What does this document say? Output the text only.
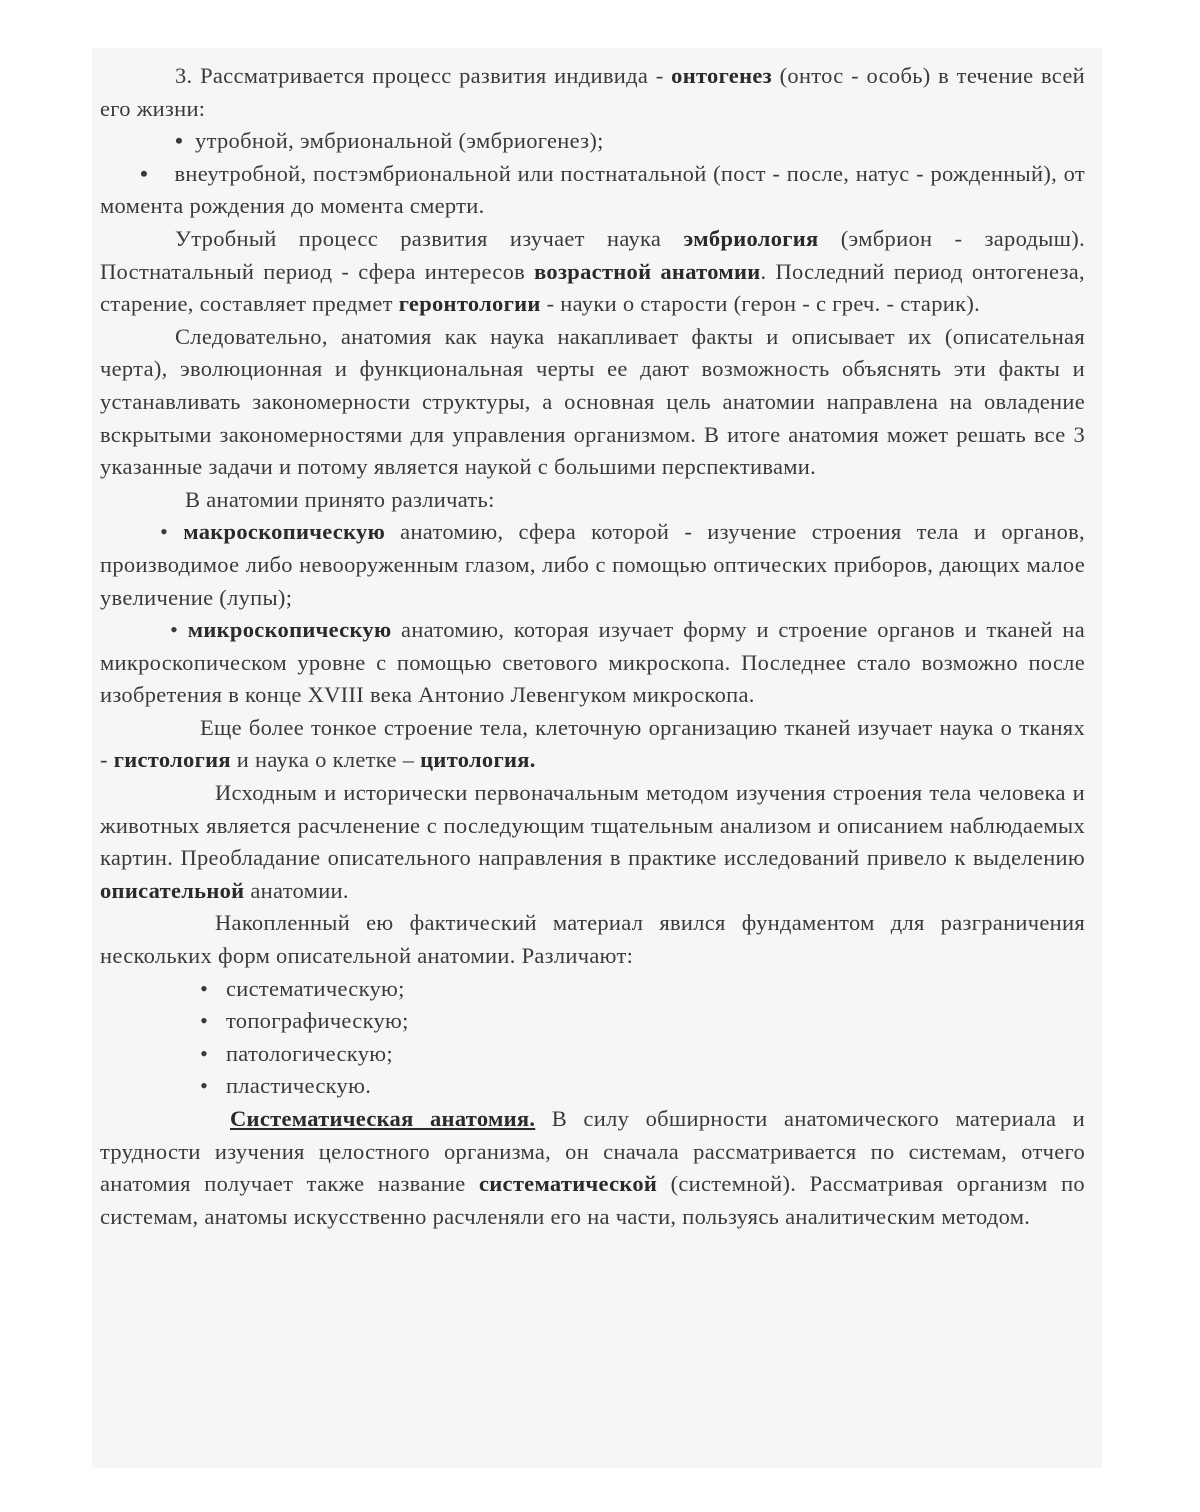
3. Рассматривается процесс развития индивида - онтогенез (онтос - особь) в течение всей его жизни:

•  утробной, эмбриональной (эмбриогенез);

•    внеутробной, постэмбриональной или постнатальной (пост - после, натус - рожденный), от момента рождения до момента смерти.

Утробный процесс развития изучает наука эмбриология (эмбрион - зародыш). Постнатальный период - сфера интересов возрастной анатомии. Последний период онтогенеза, старение, составляет предмет геронтологии - науки о старости (герон - с греч. - старик).

Следовательно, анатомия как наука накапливает факты и описывает их (описательная черта), эволюционная и функциональная черты ее дают возможность объяснять эти факты и устанавливать закономерности структуры, а основная цель анатомии направлена на овладение вскрытыми закономерностями для управления организмом. В итоге анатомия может решать все 3 указанные задачи и потому является наукой с большими перспективами.

В анатомии принято различать:

• макроскопическую анатомию, сфера которой - изучение строения тела и органов, производимое либо невооруженным глазом, либо с помощью оптических приборов, дающих малое увеличение (лупы);

• микроскопическую анатомию, которая изучает форму и строение органов и тканей на микроскопическом уровне с помощью светового микроскопа. Последнее стало возможно после изобретения в конце XVIII века Антонио Левенгуком микроскопа.

Еще более тонкое строение тела, клеточную организацию тканей изучает наука о тканях - гистология и наука о клетке – цитология.

Исходным и исторически первоначальным методом изучения строения тела человека и животных является расчленение с последующим тщательным анализом и описанием наблюдаемых картин. Преобладание описательного направления в практике исследований привело к выделению описательной анатомии.

Накопленный ею фактический материал явился фундаментом для разграничения нескольких форм описательной анатомии. Различают:

•   систематическую;

•   топографическую;

•   патологическую;

•   пластическую.

Систематическая анатомия. В силу обширности анатомического материала и трудности изучения целостного организма, он сначала рассматривается по системам, отчего анатомия получает также название систематической (системной). Рассматривая организм по системам, анатомы искусственно расчленяли его на части, пользуясь аналитическим методом.
